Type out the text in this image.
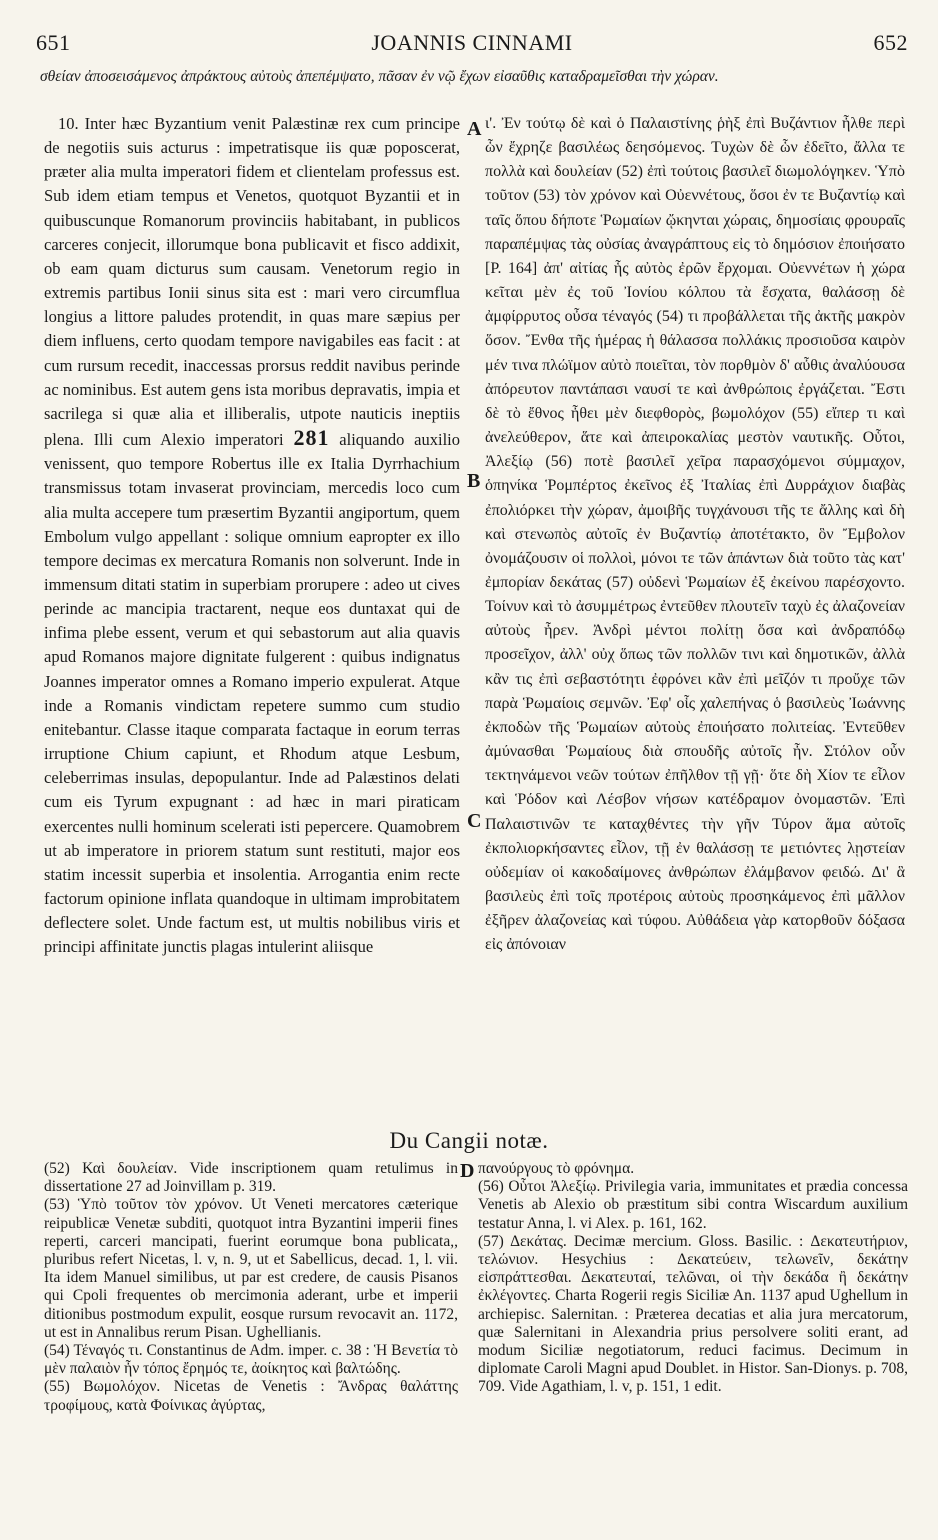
651	JOANNIS CINNAMI	652
σθείαν ἀποσεισάμενος ἀπράκτους αὐτοὺς ἀπεπέμψατο, πᾶσαν ἐν νῷ ἔχων εἰσαῦθις καταδραμεῖσθαι τὴν χώραν.

10. Inter hæc Byzantium venit Palæstinæ rex cum principe de negotiis suis acturus : impetratisque iis quæ poposcerat, præter alia multa imperatori fidem et clientelam professus est. Sub idem etiam tempus et Venetos, quotquot Byzantii et in quibuscunque Romanorum provinciis habitabant, in publicos carceres conjecit, illorumque bona publicavit et fisco addixit, ob eam quam dicturus sum causam. Venetorum regio in extremis partibus Ionii sinus sita est : mari vero circumflua longius a littore paludes protendit, in quas mare sæpius per diem influens, certo quodam tempore navigabiles eas facit : at cum rursum recedit, inaccessas prorsus reddit navibus perinde ac nominibus. Est autem gens ista moribus depravatis, impia et sacrilega si quæ alia et illiberalis, utpote nauticis ineptiis plena. Illi cum Alexio imperatori 281 aliquando auxilio venissent, quo tempore Robertus ille ex Italia Dyrrhachium transmissus totam invaserat provinciam, mercedis loco cum alia multa accepere tum præsertim Byzantii angiportum, quem Embolum vulgo appellant : solique omnium eapropter ex illo tempore decimas ex mercatura Romanis non solverunt. Inde in immensum ditati statim in superbiam prorupere : adeo ut cives perinde ac mancipia tractarent, neque eos duntaxat qui de infima plebe essent, verum et qui sebastorum aut alia quavis apud Romanos majore dignitate fulgerent : quibus indignatus Joannes imperator omnes a Romano imperio expulerat. Atque inde a Romanis vindictam repetere summo cum studio enitebantur. Classe itaque comparata factaque in eorum terras irruptione Chium capiunt, et Rhodum atque Lesbum, celeberrimas insulas, depopulantur. Inde ad Palæstinos delati cum eis Tyrum expugnant : ad hæc in mari piraticam exercentes nulli hominum scelerati isti pepercere. Quamobrem ut ab imperatore in priorem statum sunt restituti, major eos statim incessit superbia et insolentia. Arrogantia enim recte factorum opinione inflata quandoque in ultimam improbitatem deflectere solet. Unde factum est, ut multis nobilibus viris et principi affinitate junctis plagas intulerint aliisque

A
B
C
D

ι'. Ἐν τούτῳ δὲ καὶ ὁ Παλαιστίνης ῥὴξ ἐπὶ Βυζάντιον ἦλθε περὶ ὧν ἔχρηζε βασιλέως δεησόμενος. Τυχὼν δὲ ὧν ἐδεῖτο, ἄλλα τε πολλὰ καὶ δουλείαν (52) ἐπὶ τούτοις βασιλεῖ διωμολόγηκεν. Ὑπὸ τοῦτον (53) τὸν χρόνον καὶ Οὐεννέτους, ὅσοι ἐν τε Βυζαντίῳ καὶ ταῖς ὅπου δήποτε Ῥωμαίων ᾤκηνται χώραις, δημοσίαις φρουραῖς παραπέμψας τὰς οὐσίας ἀναγράπτους εἰς τὸ δημόσιον ἐποιήσατο [P. 164] ἀπ' αἰτίας ἧς αὐτὸς ἐρῶν ἔρχομαι. Οὐεννέτων ἡ χώρα κεῖται μὲν ἐς τοῦ Ἰονίου κόλπου τὰ ἔσχατα, θαλάσσῃ δὲ ἀμφίρρυτος οὖσα τέναγός (54) τι προβάλλεται τῆς ἀκτῆς μακρὸν ὅσον. Ἔνθα τῆς ἡμέρας ἡ θάλασσα πολλάκις προσιοῦσα καιρὸν μέν τινα πλώϊμον αὐτὸ ποιεῖται, τὸν πορθμὸν δ' αὖθις ἀναλύουσα ἀπόρευτον παντάπασι ναυσί τε καὶ ἀνθρώποις ἐργάζεται. Ἔστι δὲ τὸ ἔθνος ἦθει μὲν διεφθορὸς, βωμολόχον (55) εἴπερ τι καὶ ἀνελεύθερον, ἅτε καὶ ἀπειροκαλίας μεστὸν ναυτικῆς. Οὗτοι, Ἀλεξίῳ (56) ποτὲ βασιλεῖ χεῖρα παρασχόμενοι σύμμαχον, ὁπηνίκα Ῥομπέρτος ἐκεῖνος ἐξ Ἰταλίας ἐπὶ Δυρράχιον διαβὰς ἐπολιόρκει τὴν χώραν, ἀμοιβῆς τυγχάνουσι τῆς τε ἄλλης καὶ δὴ καὶ στενωπὸς αὐτοῖς ἐν Βυζαντίῳ ἀποτέτακτο, ὃν Ἔμβολον ὀνομάζουσιν οἱ πολλοὶ, μόνοι τε τῶν ἁπάντων διὰ τοῦτο τὰς κατ' ἐμπορίαν δεκάτας (57) οὐδενὶ Ῥωμαίων ἐξ ἐκείνου παρέσχοντο. Τοίνυν καὶ τὸ ἀσυμμέτρως ἐντεῦθεν πλουτεῖν ταχὺ ἐς ἀλαζονείαν αὐτοὺς ἦρεν. Ἀνδρὶ μέντοι πολίτῃ ὅσα καὶ ἀνδραπόδῳ προσεῖχον, ἀλλ' οὐχ ὅπως τῶν πολλῶν τινι καὶ δημοτικῶν, ἀλλὰ κἂν τις ἐπὶ σεβαστότητι ἐφρόνει κἂν ἐπὶ μεῖζόν τι προὔχε τῶν παρὰ Ῥωμαίοις σεμνῶν. Ἐφ' οἷς χαλεπήνας ὁ βασιλεὺς Ἰωάννης ἐκποδὼν τῆς Ῥωμαίων αὐτοὺς ἐποιήσατο πολιτείας. Ἐντεῦθεν ἀμύνασθαι Ῥωμαίους διὰ σπουδῆς αὐτοῖς ἦν. Στόλον οὖν τεκτηνάμενοι νεῶν τούτων ἐπῆλθον τῇ γῇ· ὅτε δὴ Χίον τε εἷλον καὶ Ῥόδον καὶ Λέσβον νήσων κατέδραμον ὀνομαστῶν. Ἐπὶ Παλαιστινῶν τε καταχθέντες τὴν γῆν Τύρον ἅμα αὐτοῖς ἐκπολιορκήσαντες εἷλον, τῇ ἐν θαλάσσῃ τε μετιόντες λῃστείαν οὐδεμίαν οἱ κακοδαίμονες ἀνθρώπων ἐλάμβανον φειδώ. Δι' ἃ βασιλεὺς ἐπὶ τοῖς προτέροις αὐτοὺς προσηκάμενος ἐπὶ μᾶλλον ἐξῆρεν ἀλαζονείας καὶ τύφου. Αὐθάδεια γὰρ κατορθοῦν δόξασα εἰς ἀπόνοιαν

Du Cangii notæ.

(52) Καὶ δουλείαν. Vide inscriptionem quam retulimus in dissertatione 27 ad Joinvillam p. 319.

(53) Ὑπὸ τοῦτον τὸν χρόνον. Ut Veneti mercatores cæterique reipublicæ Venetæ subditi, quotquot intra Byzantini imperii fines reperti, carceri mancipati, fuerint eorumque bona publicata,, pluribus refert Nicetas, l. v, n. 9, ut et Sabellicus, decad. 1, l. vii. Ita idem Manuel similibus, ut par est credere, de causis Pisanos qui Cpoli frequentes ob mercimonia aderant, urbe et imperii ditionibus postmodum expulit, eosque rursum revocavit an. 1172, ut est in Annalibus rerum Pisan. Ughellianis.

(54) Τέναγός τι. Constantinus de Adm. imper. c. 38 : Ἡ Βενετία τὸ μὲν παλαιὸν ἦν τόπος ἔρημός τε, ἀοίκητος καὶ βαλτώδης.

(55) Βωμολόχον. Nicetas de Venetis : Ἄνδρας θαλάττης τροφίμους, κατὰ Φοίνικας ἀγύρτας,

πανούργους τὸ φρόνημα.

(56) Οὗτοι Ἀλεξίῳ. Privilegia varia, immunitates et prædia concessa Venetis ab Alexio ob præstitum sibi contra Wiscardum auxilium testatur Anna, l. vi Alex. p. 161, 162.

(57) Δεκάτας. Decimæ mercium. Gloss. Basilic. : Δεκατευτήριον, τελώνιον. Hesychius : Δεκατεύειν, τελωνεῖν, δεκάτην εἰσπράττεσθαι. Δεκατευταί, τελῶναι, οἱ τὴν δεκάδα ἢ δεκάτην ἐκλέγοντες. Charta Rogerii regis Siciliæ An. 1137 apud Ughellum in archiepisc. Salernitan. : Præterea decatias et alia jura mercatorum, quæ Salernitani in Alexandria prius persolvere soliti erant, ad modum Siciliæ negotiatorum, reduci facimus. Decimum in diplomate Caroli Magni apud Doublet. in Histor. San-Dionys. p. 708, 709. Vide Agathiam, l. v, p. 151, 1 edit.
